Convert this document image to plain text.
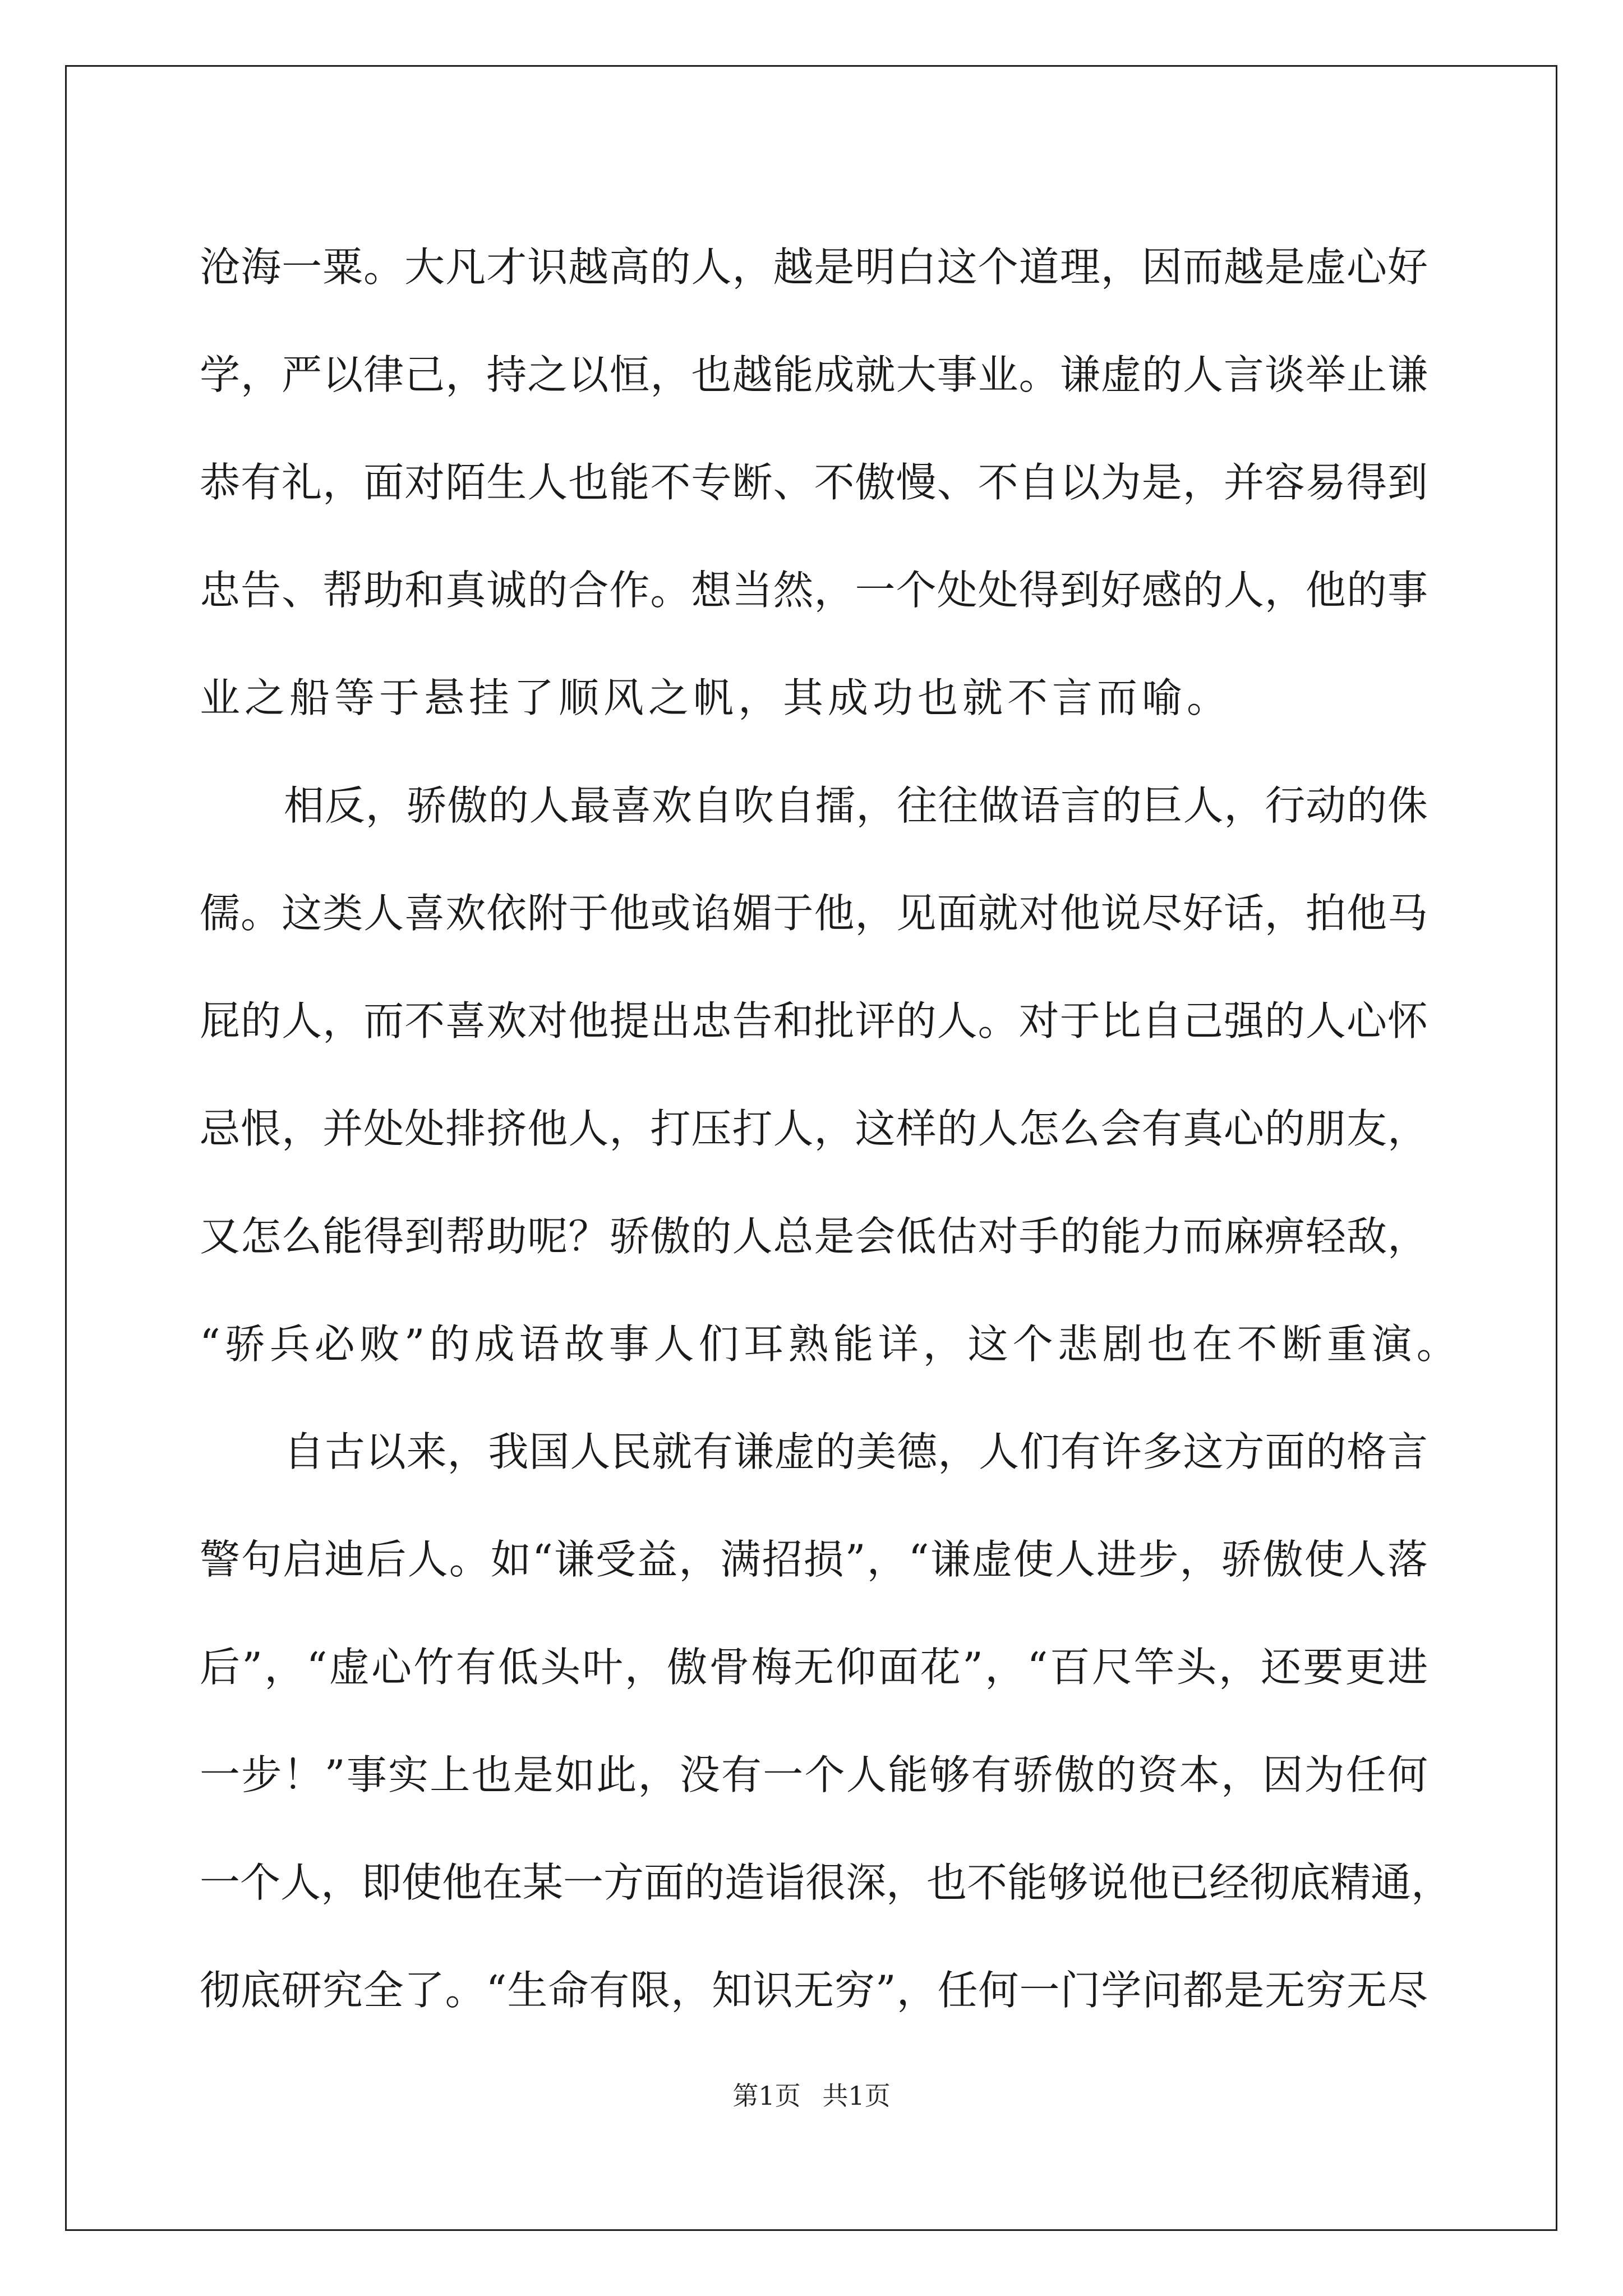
沧海一粟。大凡才识越高的人，越是明白这个道理，因而越是虚心好
学，严以律己，持之以恒，也越能成就大事业。谦虚的人言谈举止谦
恭有礼，面对陌生人也能不专断、不傲慢、不自以为是，并容易得到
忠告、帮助和真诚的合作。想当然，一个处处得到好感的人，他的事
业之船等于悬挂了顺风之帆，其成功也就不言而喻。
相反，骄傲的人最喜欢自吹自擂，往往做语言的巨人，行动的侏
儒。这类人喜欢依附于他或谄媚于他，见面就对他说尽好话，拍他马
屁的人，而不喜欢对他提出忠告和批评的人。对于比自己强的人心怀
忌恨，并处处排挤他人，打压打人，这样的人怎么会有真心的朋友，
又怎么能得到帮助呢？骄傲的人总是会低估对手的能力而麻痹轻敌，
“骄兵必败”的成语故事人们耳熟能详，这个悲剧也在不断重演。
自古以来，我国人民就有谦虚的美德，人们有许多这方面的格言
警句启迪后人。如“谦受益，满招损”，“谦虚使人进步，骄傲使人落
后”，“虚心竹有低头叶，傲骨梅无仰面花”，“百尺竿头，还要更进
一步！”事实上也是如此，没有一个人能够有骄傲的资本，因为任何
一个人，即使他在某一方面的造诣很深，也不能够说他已经彻底精通，
彻底研究全了。“生命有限，知识无穷”，任何一门学问都是无穷无尽
第1页 共1页
